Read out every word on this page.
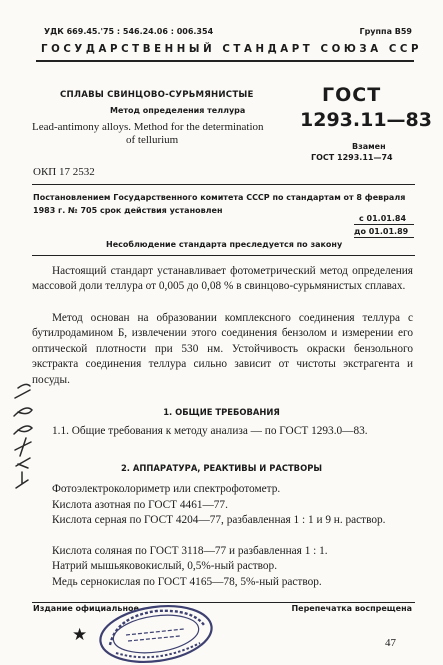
УДК 669.45.'75 : 546.24.06 : 006.354	Группа В59
ГОСУДАРСТВЕННЫЙ СТАНДАРТ СОЮЗА ССР
СПЛАВЫ СВИНЦОВО-СУРЬМЯНИСТЫЕ
Метод определения теллура
Lead-antimony alloys. Method for the determination
of tellurium
ГОСТ
1293.11—83
Взамен
ГОСТ 1293.11—74
ОКП 17 2532
Постановлением Государственного комитета СССР по стандартам от 8 февраля
1983 г. № 705 срок действия установлен
с 01.01.84
до 01.01.89
Несоблюдение стандарта преследуется по закону
Настоящий стандарт устанавливает фотометрический метод определения массовой доли теллура от 0,005 до 0,08 % в свинцово-сурьмянистых сплавах.
Метод основан на образовании комплексного соединения теллура с бутилродамином Б, извлечении этого соединения бензолом и измерении его оптической плотности при 530 нм. Устойчивость окраски бензольного экстракта соединения теллура сильно зависит от чистоты экстрагента и посуды.
1. ОБЩИЕ ТРЕБОВАНИЯ
1.1. Общие требования к методу анализа — по ГОСТ 1293.0—83.
2. АППАРАТУРА, РЕАКТИВЫ И РАСТВОРЫ
Фотоэлектроколориметр или спектрофотометр.
Кислота азотная по ГОСТ 4461—77.
Кислота серная по ГОСТ 4204—77, разбавленная 1 : 1 и 9 н. раствор.
Кислота соляная по ГОСТ 3118—77 и разбавленная 1 : 1.
Натрий мышьяковокислый, 0,5%-ный раствор.
Медь сернокислая по ГОСТ 4165—78, 5%-ный раствор.
Издание официальное	Перепечатка воспрещена
★	47
